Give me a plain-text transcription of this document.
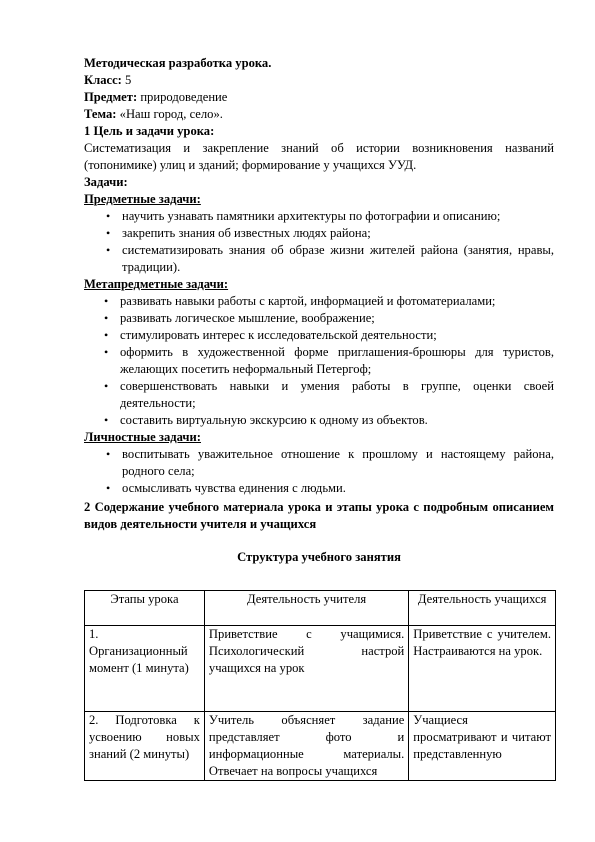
Методическая разработка урока.
Класс: 5
Предмет: природоведение
Тема: «Наш город, село».
1 Цель и задачи урока:
Систематизация и закрепление знаний об истории возникновения названий
(топонимике) улиц и зданий; формирование у учащихся УУД.
Задачи:
Предметные задачи:
• научить узнавать памятники архитектуры по фотографии и описанию;
• закрепить знания об известных людях района;
• систематизировать знания об образе жизни жителей района (занятия, нравы, традиции).
Метапредметные задачи:
• развивать навыки работы с картой, информацией и фотоматериалами;
• развивать логическое мышление, воображение;
• стимулировать интерес к исследовательской деятельности;
• оформить в художественной форме приглашения-брошюры для туристов, желающих посетить неформальный Петергоф;
• совершенствовать навыки и умения работы в группе, оценки своей деятельности;
• составить виртуальную экскурсию к одному из объектов.
Личностные задачи:
• воспитывать уважительное отношение к прошлому и настоящему района, родного села;
• осмысливать чувства единения с людьми.
2 Содержание учебного материала урока и этапы урока с подробным описанием видов деятельности учителя и учащихся
Структура учебного занятия
Этапы урока	Деятельность учителя	Деятельность учащихся
1. Организационный момент (1 минута)	Приветствие с учащимися. Психологический настрой учащихся на урок	Приветствие с учителем. Настраиваются на урок.
2. Подготовка к усвоению новых знаний (2 минуты)	Учитель объясняет задание представляет фото и информационные материалы. Отвечает на вопросы учащихся	Учащиеся просматривают и читают представленную
